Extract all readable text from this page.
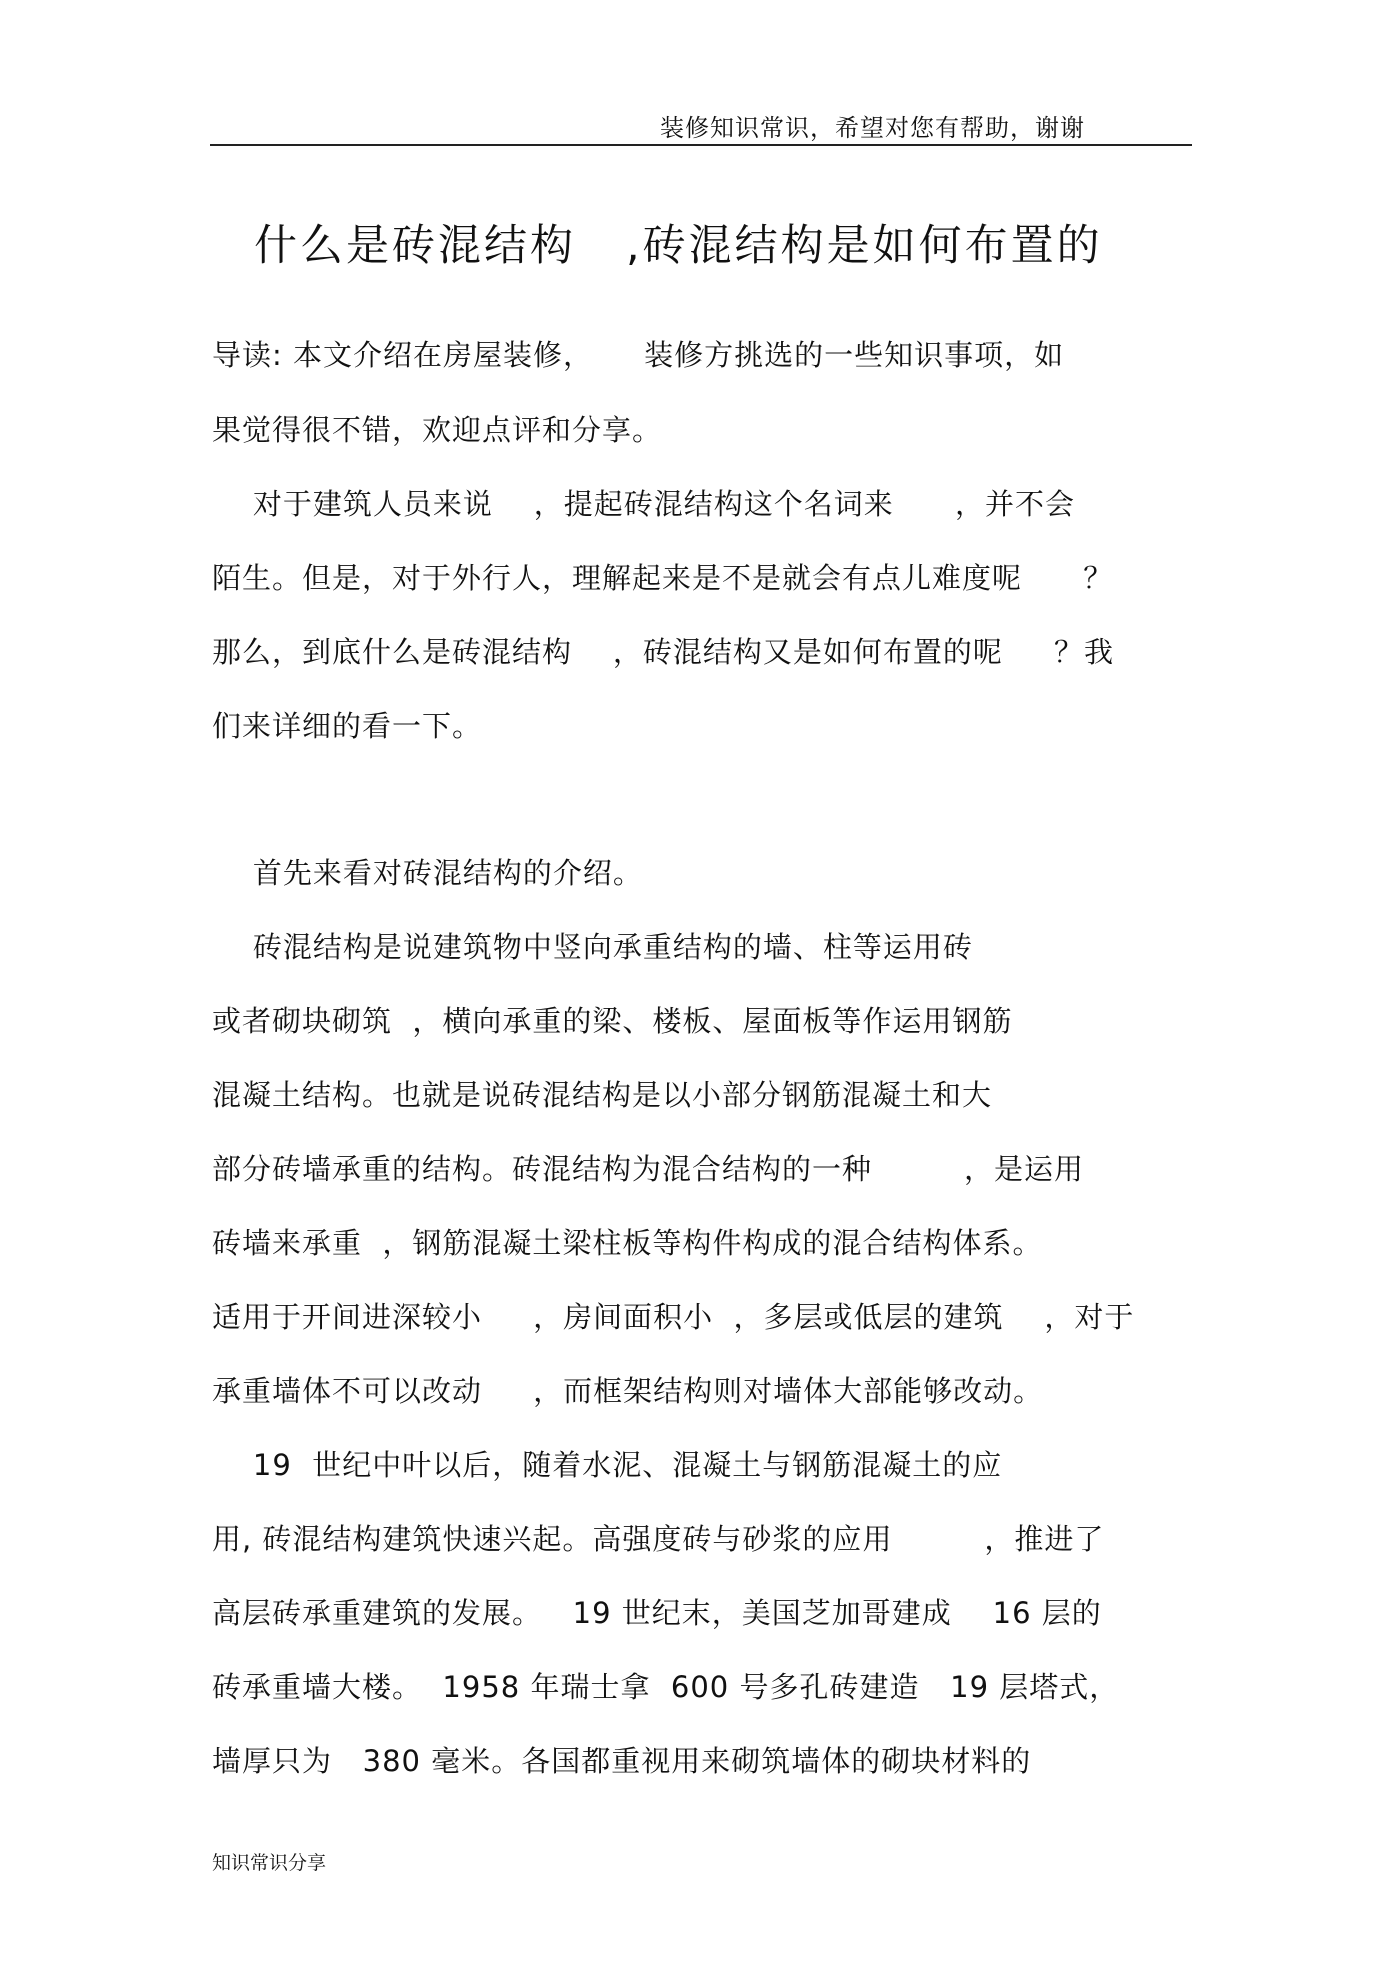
装修知识常识，希望对您有帮助，谢谢
什么是砖混结构   ,砖混结构是如何布置的
导读: 本文介绍在房屋装修，     装修方挑选的一些知识事项，如
果觉得很不错，欢迎点评和分享。
对于建筑人员来说    ，提起砖混结构这个名词来      ，并不会
陌生。但是，对于外行人，理解起来是不是就会有点儿难度呢      ？
那么，到底什么是砖混结构    ，砖混结构又是如何布置的呢     ？我
们来详细的看一下。
首先来看对砖混结构的介绍。
砖混结构是说建筑物中竖向承重结构的墙、柱等运用砖
或者砌块砌筑  ，横向承重的梁、楼板、屋面板等作运用钢筋
混凝土结构。也就是说砖混结构是以小部分钢筋混凝土和大
部分砖墙承重的结构。砖混结构为混合结构的一种         ，是运用
砖墙来承重  ，钢筋混凝土梁柱板等构件构成的混合结构体系。
适用于开间进深较小     ，房间面积小  ，多层或低层的建筑    ，对于
承重墙体不可以改动     ，而框架结构则对墙体大部能够改动。
19  世纪中叶以后，随着水泥、混凝土与钢筋混凝土的应
用, 砖混结构建筑快速兴起。高强度砖与砂浆的应用         ，推进了
高层砖承重建筑的发展。   19 世纪末，美国芝加哥建成    16 层的
砖承重墙大楼。  1958 年瑞士拿  600 号多孔砖建造   19 层塔式，
墙厚只为   380 毫米。各国都重视用来砌筑墙体的砌块材料的
知识常识分享
